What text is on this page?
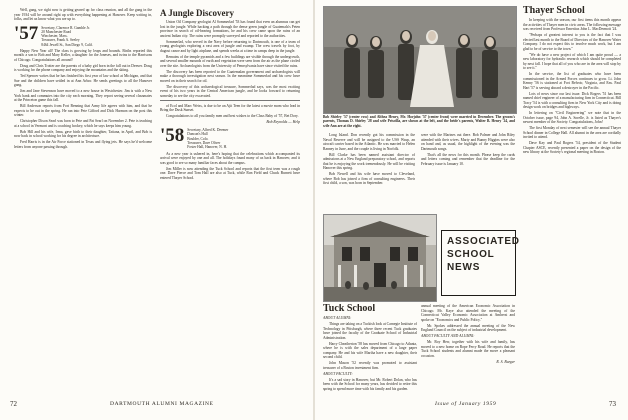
Well, gang, we right now is getting geared up for class reunion, and all the gang in the year 1934 will be around right up with everything happening at Hanover. Keep writing in, folks, and let us know what you are up to.

'57 Secretary, Clarence R. Gamble Jr.
20 Manchester Road
Winchester, Mass.
Treasurer, Frank A. Seeley
8464 Jewell St., San Diego 9, Calif.

Happy New Year all! The class is growing by leaps and bounds. Births reported this month: a son to Bob and Mary Keller, a daughter for the Joneses, and twins to the Harrisons of Chicago. Congratulations all around!

Doug and Chris Trotter are the parents of a baby girl born in the fall out in Denver. Doug is working for the phone company and enjoying the mountains and the skiing.

Ted Spencer writes that he has finished his first year of law school at Michigan, and that Sue and the children have settled in at Ann Arbor. He sends greetings to all the Hanover gang.

Jim and Jane Stevenson have moved to a new house in Westchester. Jim is with a New York bank and commutes into the city each morning. They report seeing several classmates at the Princeton game this fall.

Bill Anderson reports from Fort Benning that Army life agrees with him, and that he expects to be out in the spring. He ran into Pete Gifford and Dick Harmon on the post this winter.

Christopher Dixon Searl was born to Pete and Pat Searl on November 2. Pete is teaching at a school in Vermont and is coaching hockey, which he says keeps him young.

Bob Hill and his wife, Irma, gave birth to their daughter, Tatiana, in April, and Bob is now back in school working for his degree in architecture.

Fred Harris is in the Air Force stationed in Texas and flying jets. He says he'd welcome letters from anyone passing through.

A Jungle Discovery

Union Oil Company geologist Al Sommerlad '53 has found that even an alumnus can get lost in the jungle. While hacking a path through the dense green jungle of Guatemala's Peten province in search of oil-bearing formations, he and his crew came upon the ruins of an ancient Indian city. The ruins were promptly surveyed and reported to the authorities.

Sommerlad, who served in the Navy before returning to Dartmouth, is one of a team of young geologists exploring a vast area of jungle and swamp. The crew travels by foot, by dugout canoe and by light airplane, and spends weeks at a time in camps deep in the jungle.

Remains of the temple pyramids and a few buildings are visible through the undergrowth, and several smaller mounds of earth and vegetation were seen from the air as the plane circled over the site. Archaeologists from the University of Pennsylvania have since visited the ruins.

The discovery has been reported to the Guatemalan government and archaeologists will make a thorough investigation next season. In the meantime Sommerlad and his crew have moved on in their search for oil.

The discovery of this archaeological treasure, Sommerlad says, was the most exciting event of his two years in the Central American jungle, and he looks forward to returning someday to see the city excavated.

of Ecol and Marc Weiss, is due to be an Ajit Teen for the latest a movie mom who lead in Bring the Dusk Sunset.

Congratulations to all you family men and best wishes to the Class Baby of '57, Bet Dory.

Bob Reynolds — Help
'58 Secretary, Alfred K. Deemer
Duncan's Hall
Boulder, Colo.
Treasurer, Dave Oliver
Foster Hall, Hanover, N. H.

As a new year is ushered in, here's hoping that the celebrations which accompanied its arrival were enjoyed by one and all. The holidays found many of us back in Hanover, and it was good to see so many familiar faces about the campus.

Jim Miller is now attending the Tuck School and reports that the first term was a rough one. Dave Pierce and Tom Hall are also at Tuck, while Ron Field and Chuck Burnett have entered Thayer School.

72	DARTMOUTH ALUMNI MAGAZINE
Bob Shirley '57 (center row) and Althea Henry, Mr. Horjohn '57 (center front) were married in December. The groom's parents, Thomas D. Shirley '28 and wife Priscilla, are shown at the left, and the bride's parents, Walter B. Henry '24, and wife Ann are at the right.

Long Island. Don recently got his commission in the Naval Reserve and will be assigned to the USS Wasp, an aircraft carrier based in the Atlantic. He was married to Helen Ranney in June, and the couple is living in Norfolk.

Bill Clarke has been named assistant director of admissions at a New England preparatory school, and reports that he is enjoying the work tremendously. He will be visiting Hanover this spring.

Bob Newell and his wife have moved to Cleveland, where Bob has joined a firm of consulting engineers. Their first child, a son, was born in September.

were with the Marines out there. Bob Palmer and John Riley attended with their wives. Marty and Bunny Higgins were also on hand and, as usual, the highlight of the evening was the Dartmouth songs.

That's all the news for this month. Please keep the cards and letters coming and remember that the deadline for the February issue is January 10.

ASSOCIATED
SCHOOL NEWS
Tuck School
ABOUT ALUMNI:

Things are taking on a Tuckish look at Carnegie Institute of Technology in Pittsburgh, where three recent Tuck graduates have joined the faculty of the Graduate School of Industrial Administration.

Harry Cheatherton '58 has moved from Chicago to Atlanta, where he is with the sales department of a large paper company. He and his wife Martha have a new daughter, their second child.

John Mason '52 recently was promoted to assistant treasurer of a Boston investment firm.

ABOUT FACULTY:

It's a sad story in Hanover, but Mr. Robert Dolan, who has been with the School for many years, has decided to retire this spring to spend more time with his family and his garden.

annual meeting of the American Economic Association in Chicago. Mr. Kaye also attended the meeting of the Connecticut Valley Economic Association at Amherst and spoke on "Economics and Public Policy."

Mr. Spokes addressed the annual meeting of the New England Council on the subject of industrial development.

ABOUT FACULTY AND ALUMNI:

Mr. Roy Herr, together with his wife and family, has moved to a new home on Rope Ferry Road. He reports that the Tuck School students and alumni made the move a pleasant occasion.

R. S. Burger
Thayer School

In keeping with the season, our first items this month appear the activities of Thayer men in civic areas. The following message was received from Professor Emeritus John L. MacDermott '24.

"Perhaps of greatest interest to you is the fact that I was elected last month to the Board of Directors of the Hanover Water Company. I do not expect this to involve much work, but I am glad to be of service to the town."

"We do have a new project of which I am quite proud — a new laboratory for hydraulic research which should be completed by next fall. I hope that all of you who are in the area will stop by to see it."

In the service, the list of graduates who have been commissioned in the Armed Forces continues to grow. Lt. John Kenny '56 is stationed at Fort Belvoir, Virginia, and Ens. Paul Hart '57 is serving aboard a destroyer in the Pacific.

Lots of news since our last issue. Dick Rogers '51 has been named chief engineer of a manufacturing firm in Connecticut. Bill Tracy '54 is with a consulting firm in New York City and is doing design work on bridges and highways.

In lettering on "Civil Engineering" we note that in the October issue, page 94, John A. Sorelle, Jr. is listed as Thayer's newest member of the Society. Congratulations, John!

The first Monday of next semester will see the annual Thayer School dinner in College Hall. All alumni in the area are cordially invited to attend.

Dave Kay and Paul Rogers '54, president of the Student Chapter ASCE, recently presented a paper on the design of the new library at the Society's regional meeting in Boston.

Issue of January 1959	73
